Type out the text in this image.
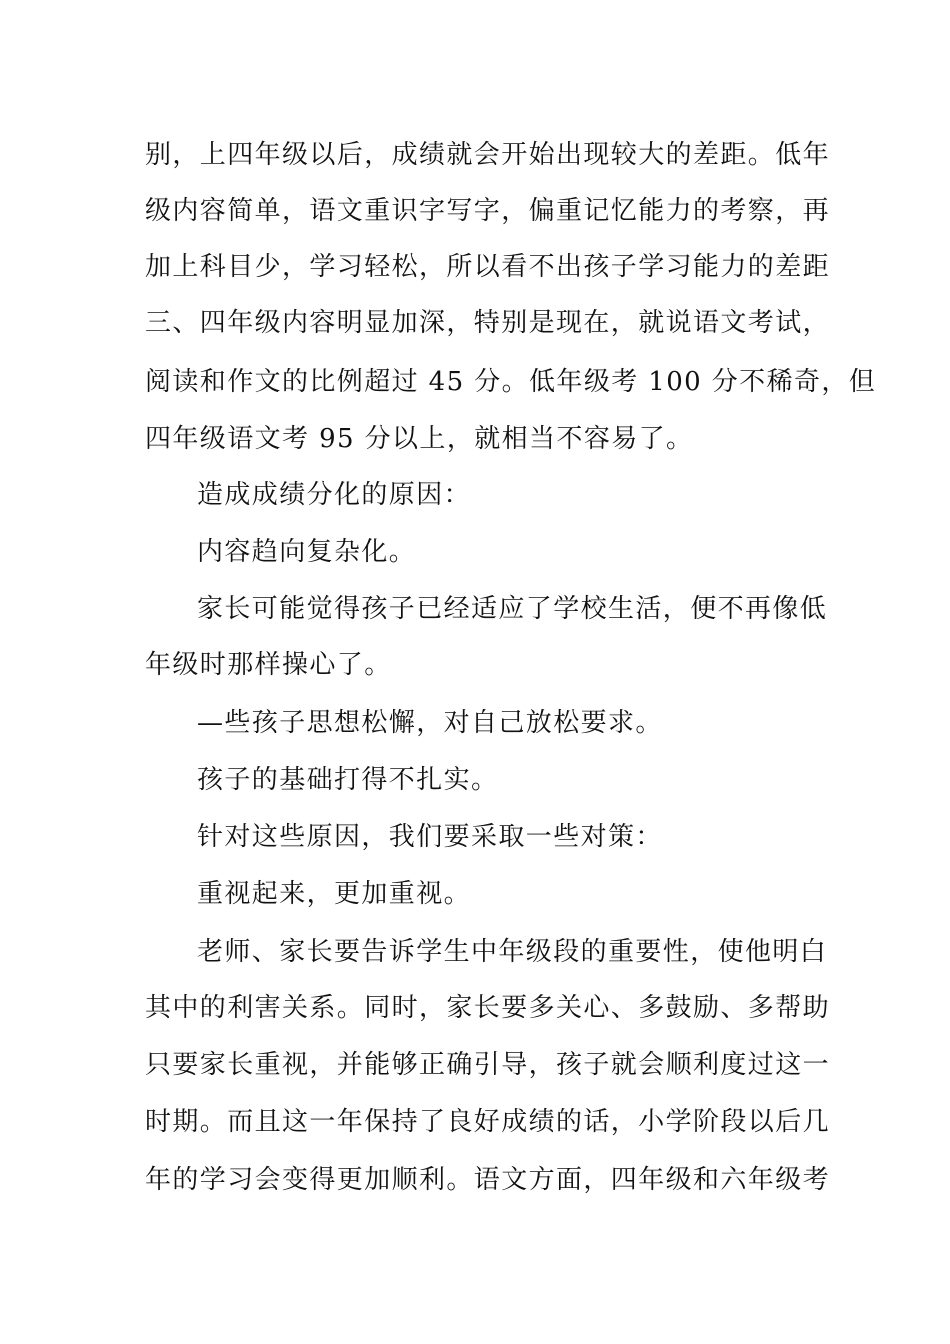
别，上四年级以后，成绩就会开始出现较大的差距。低年
级内容简单，语文重识字写字，偏重记忆能力的考察，再
加上科目少，学习轻松，所以看不出孩子学习能力的差距
三、四年级内容明显加深，特别是现在，就说语文考试，
阅读和作文的比例超过 45 分。低年级考 100 分不稀奇，但
四年级语文考 95 分以上，就相当不容易了。
造成成绩分化的原因：
内容趋向复杂化。
家长可能觉得孩子已经适应了学校生活，便不再像低
年级时那样操心了。
—些孩子思想松懈，对自己放松要求。
孩子的基础打得不扎实。
针对这些原因，我们要采取一些对策：
重视起来，更加重视。
老师、家长要告诉学生中年级段的重要性，使他明白
其中的利害关系。同时，家长要多关心、多鼓励、多帮助
只要家长重视，并能够正确引导，孩子就会顺利度过这一
时期。而且这一年保持了良好成绩的话，小学阶段以后几
年的学习会变得更加顺利。语文方面，四年级和六年级考
